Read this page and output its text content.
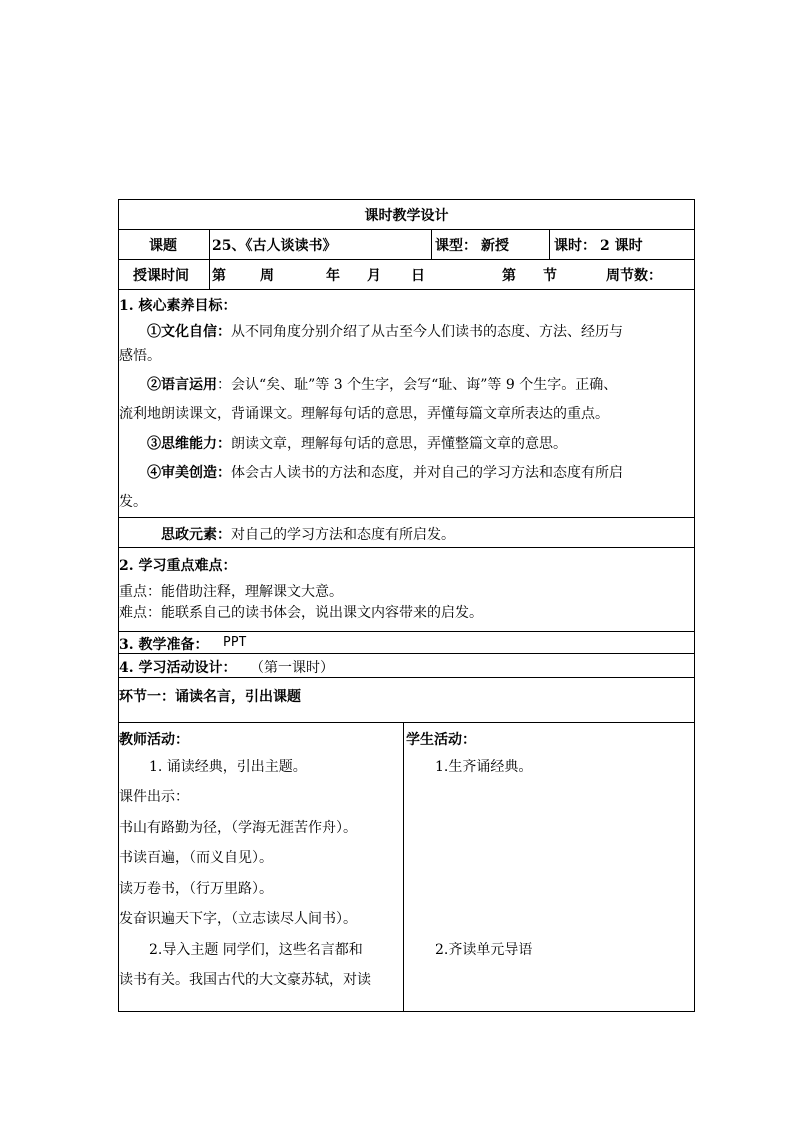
课时教学设计
课题	25、《古人谈读书》	课型： 新授	课时： 2 课时
授课时间 第 周	年 月 日	第 节	周节数：
1. 核心素养目标：
①文化自信：从不同角度分别介绍了从古至今人们读书的态度、方法、经历与
感悟。
②语言运用：会认“矣、耻”等 3 个生字，会写“耻、诲”等 9 个生字。正确、
流利地朗读课文，背诵课文。理解每句话的意思，弄懂每篇文章所表达的重点。
③思维能力：朗读文章，理解每句话的意思，弄懂整篇文章的意思。
④审美创造：体会古人读书的方法和态度，并对自己的学习方法和态度有所启
发。
思政元素：对自己的学习方法和态度有所启发。
2. 学习重点难点：
重点：能借助注释，理解课文大意。
难点：能联系自己的读书体会，说出课文内容带来的启发。
3. 教学准备： PPT
4. 学习活动设计： （第一课时）
环节一：诵读名言，引出课题
教师活动：
1. 诵读经典，引出主题。
课件出示：
书山有路勤为径，（学海无涯苦作舟）。
书读百遍，（而义自见）。
读万卷书，（行万里路）。
发奋识遍天下字，（立志读尽人间书）。
2.导入主题 同学们，这些名言都和
读书有关。我国古代的大文豪苏轼，对读
学生活动：
1.生齐诵经典。
2.齐读单元导语
